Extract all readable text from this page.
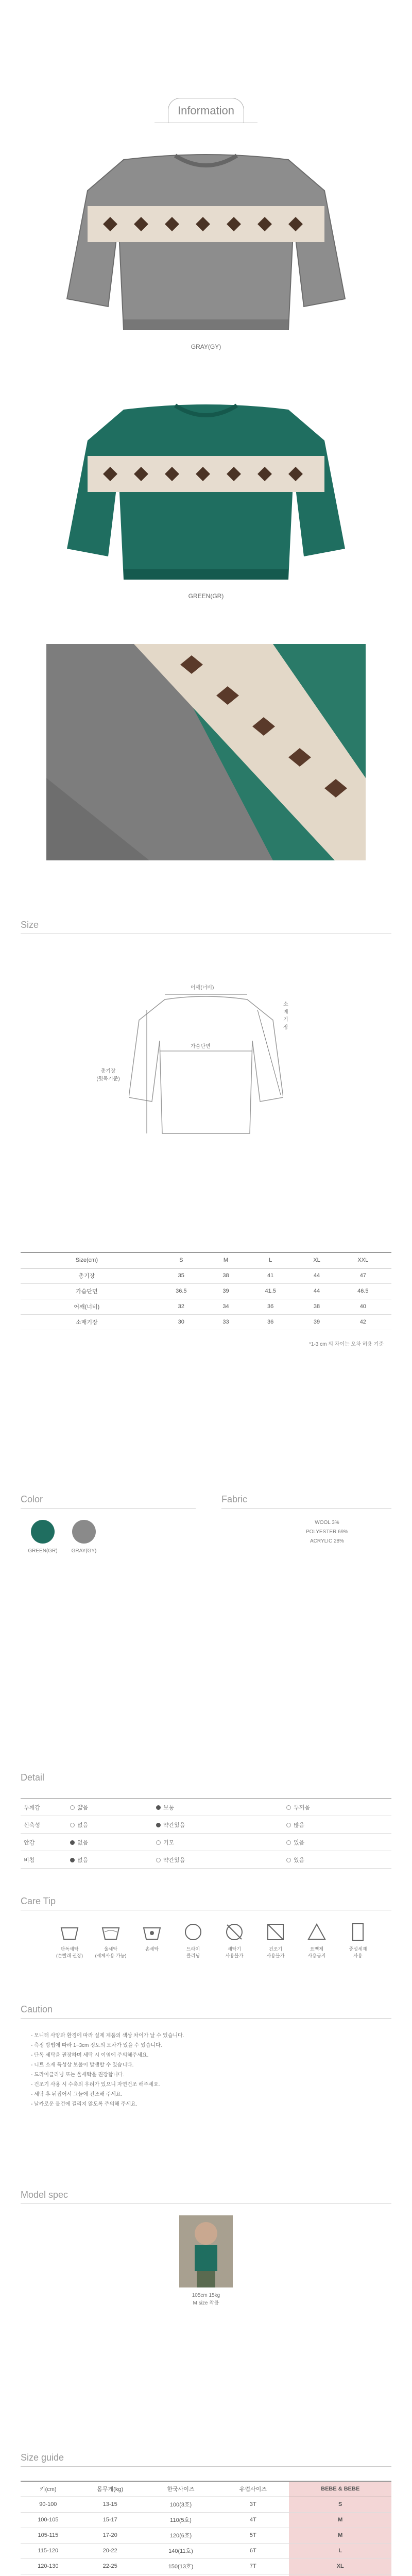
Information
GRAY(GY)
GREEN(GR)
Size
어깨(너비)
가슴단면
총기장
(뒷목기준)
소매기장
Size(cm)	S	M	L	XL	XXL
총기장	35	38	41	44	47
가슴단면	36.5	39	41.5	44	46.5
어깨(너비)	32	34	36	38	40
소매기장	30	33	36	39	42
*1-3 cm 의 차이는 오차 허용 기준
Color
GREEN(GR)	GRAY(GY)
Fabric
WOOL 3%
POLYESTER 69%
ACRYLIC 28%
Detail
두께감	얇음	보통	두꺼움
신축성	없음	약간있음	많음
안감	없음	기모	있음
비침	없음	약간있음	있음
Care Tip
단독세탁
(손빨래 권장)
울세탁
(세제사용 가능)
손세탁	드라이
클리닝
세탁기
사용불가
건조기
사용불가
표백제
사용금지
중성세제
사용
Caution
- 모니터 사양과 환경에 따라 실제 제품의 색상 차이가 날 수 있습니다.
- 측정 방법에 따라 1~3cm 정도의 오차가 있을 수 있습니다.
- 단독 세탁을 권장하며 세탁 시 이염에 주의해주세요.
- 니트 소재 특성상 보풀이 발생할 수 있습니다.
- 드라이클리닝 또는 울세탁을 권장합니다.
- 건조기 사용 시 수축의 우려가 있으니 자연건조 해주세요.
- 세탁 후 뒤집어서 그늘에 건조해 주세요.
- 날카로운 물건에 걸리지 않도록 주의해 주세요.
Model spec
105cm 15kg
M size 착용
Size guide
키(cm)	몸무게(kg)	한국사이즈	유럽사이즈	BEBE & BEBE
90-100	13-15	100(3호)	3T	S
100-105	15-17	110(5호)	4T	M
105-115	17-20	120(6호)	5T	M
115-120	20-22	140(11호)	6T	L
120-130	22-25	150(13호)	7T	XL
